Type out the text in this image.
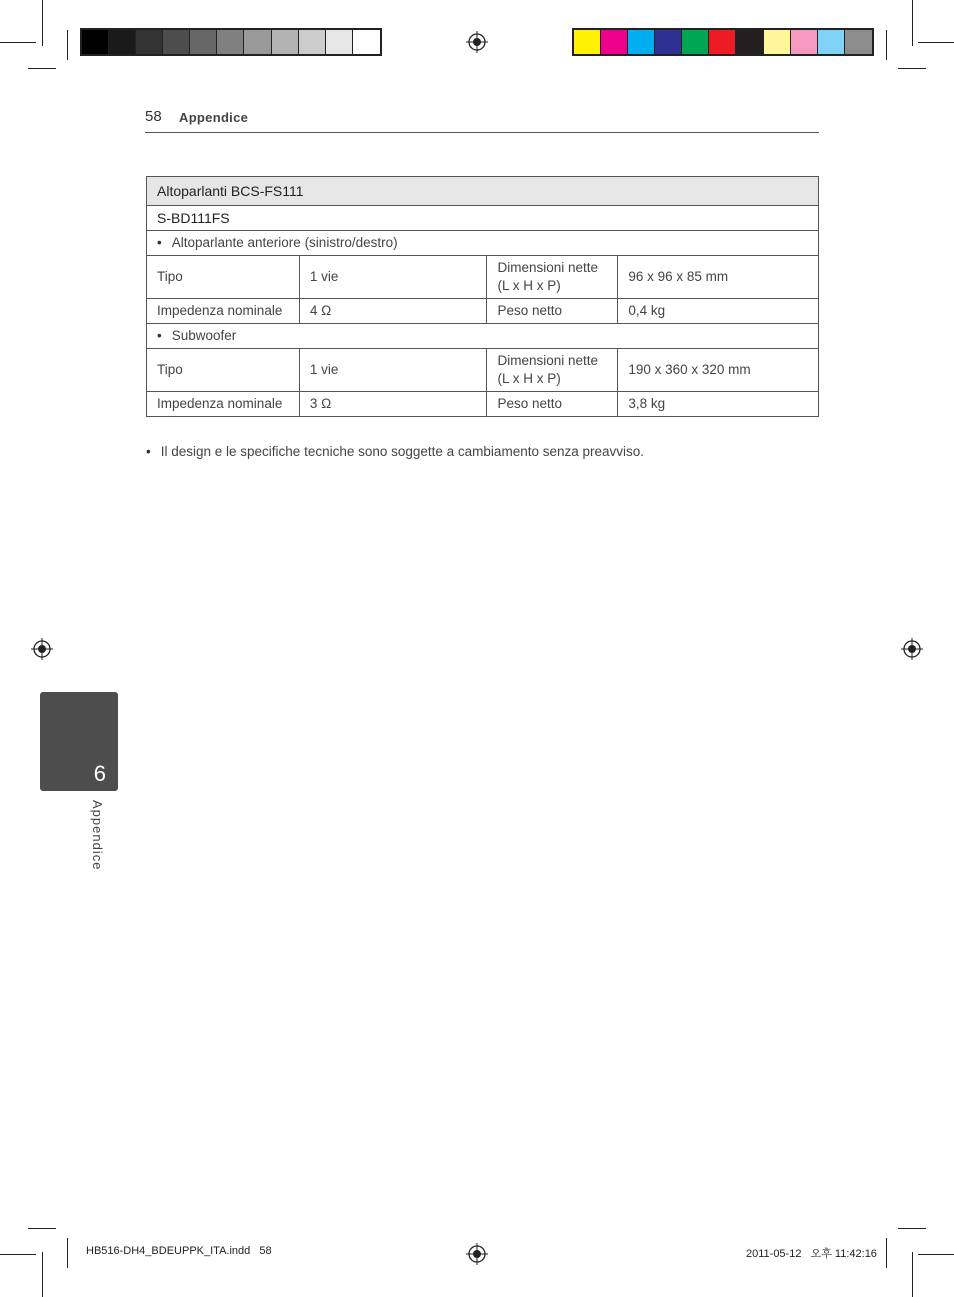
58 Appendice
Altoparlanti BCS-FS111			
S-BD111FS			
• Altoparlante anteriore (sinistro/destro)			
Tipo	1 vie	Dimensioni nette (L x H x P)	96 x 96 x 85 mm
Impedenza nominale	4 Ω	Peso netto	0,4 kg
• Subwoofer			
Tipo	1 vie	Dimensioni nette (L x H x P)	190 x 360 x 320 mm
Impedenza nominale	3 Ω	Peso netto	3,8 kg
• Il design e le specifiche tecniche sono soggette a cambiamento senza preavviso.
6
Appendice
HB516-DH4_BDEUPPK_ITA.indd   58	2011-05-12   오후 11:42:16
